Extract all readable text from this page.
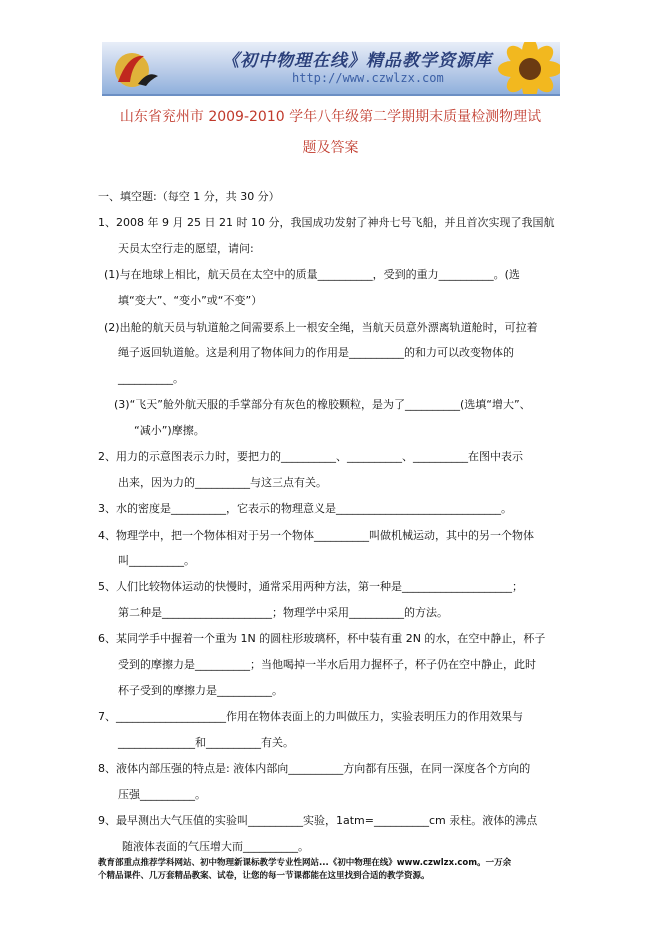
《初中物理在线》精品教学资源库
http://www.czwlzx.com
山东省兖州市 2009-2010 学年八年级第二学期期末质量检测物理试
题及答案
一、填空题:（每空 1 分，共 30 分）
1、2008 年 9 月 25 日 21 时 10 分，我国成功发射了神舟七号飞船，并且首次实现了我国航
天员太空行走的愿望，请问:
(1)与在地球上相比，航天员在太空中的质量__________，受到的重力__________。(选
填“变大”、“变小”或“不变”）
(2)出舱的航天员与轨道舱之间需要系上一根安全绳，当航天员意外漂离轨道舱时，可拉着
绳子返回轨道舱。这是利用了物体间力的作用是__________的和力可以改变物体的
__________。
(3)“飞天”舱外航天服的手掌部分有灰色的橡胶颗粒，是为了__________(选填“增大”、
“减小”)摩擦。
2、用力的示意图表示力时，要把力的__________、__________、__________在图中表示
出来，因为力的__________与这三点有关。
3、水的密度是__________，它表示的物理意义是______________________________。
4、物理学中，把一个物体相对于另一个物体__________叫做机械运动，其中的另一个物体
叫__________。
5、人们比较物体运动的快慢时，通常采用两种方法，第一种是____________________；
第二种是____________________；物理学中采用__________的方法。
6、某同学手中握着一个重为 1N 的圆柱形玻璃杯，杯中装有重 2N 的水，在空中静止，杯子
受到的摩擦力是__________；当他喝掉一半水后用力握杯子，杯子仍在空中静止，此时
杯子受到的摩擦力是__________。
7、____________________作用在物体表面上的力叫做压力，实验表明压力的作用效果与
______________和__________有关。
8、液体内部压强的特点是: 液体内部向__________方向都有压强，在同一深度各个方向的
压强__________。
9、最早测出大气压值的实验叫__________实验，1atm=__________cm 汞柱。液体的沸点
随液体表面的气压增大而__________。
教育部重点推荐学科网站、初中物理新课标教学专业性网站...《初中物理在线》www.czwlzx.com。一万余
个精品课件、几万套精品教案、试卷，让您的每一节课都能在这里找到合适的教学资源。
